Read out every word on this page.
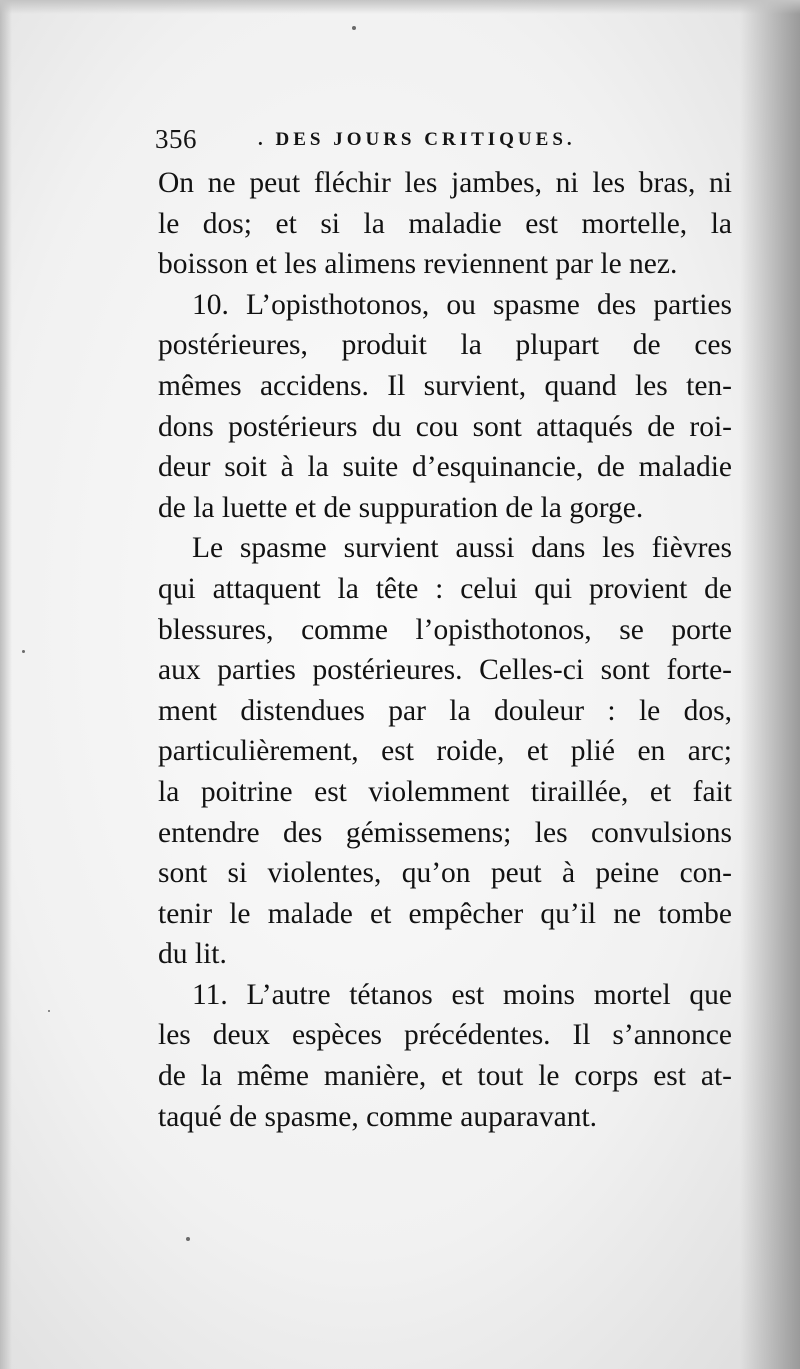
356	. DES JOURS CRITIQUES.
On ne peut fléchir les jambes, ni les bras, ni
le dos; et si la maladie est mortelle, la
boisson et les alimens reviennent par le nez.
10. L’opisthotonos, ou spasme des parties
postérieures, produit la plupart de ces
mêmes accidens. Il survient, quand les ten-
dons postérieurs du cou sont attaqués de roi-
deur soit à la suite d’esquinancie, de maladie
de la luette et de suppuration de la gorge.
Le spasme survient aussi dans les fièvres
qui attaquent la tête : celui qui provient de
blessures, comme l’opisthotonos, se porte
aux parties postérieures. Celles-ci sont forte-
ment distendues par la douleur : le dos,
particulièrement, est roide, et plié en arc;
la poitrine est violemment tiraillée, et fait
entendre des gémissemens; les convulsions
sont si violentes, qu’on peut à peine con-
tenir le malade et empêcher qu’il ne tombe
du lit.
11. L’autre tétanos est moins mortel que
les deux espèces précédentes. Il s’annonce
de la même manière, et tout le corps est at-
taqué de spasme, comme auparavant.
